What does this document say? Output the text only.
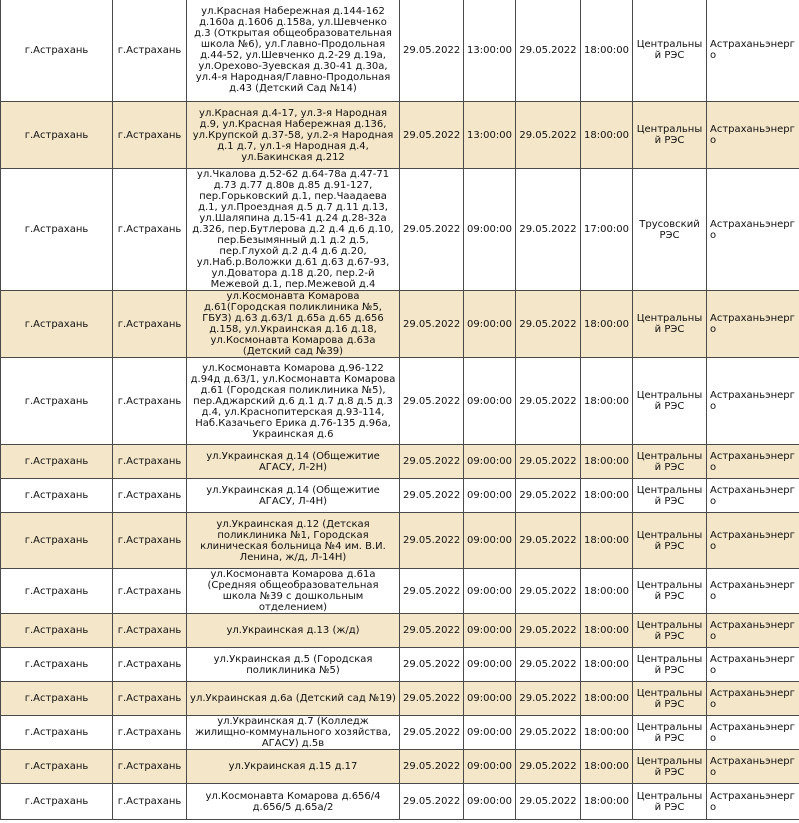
г.Астрахань	г.Астрахань	ул.Красная Набережная д.144-162 д.160а д.1606 д.158а, ул.Шевченко д.3 (Открытая общеобразовательная школа №6), ул.Главно-Продольная д.44-52, ул.Шевченко д.2-29 д.19а, ул.Орехово-Зуевская д.30-41 д.30а, ул.4-я Народная/Главно-Продольная д.43 (Детский Сад №14)	29.05.2022	13:00:00	29.05.2022	18:00:00	Центральный РЭС	Астраханьэнерго
г.Астрахань	г.Астрахань	ул.Красная д.4-17, ул.3-я Народная д.9, ул.Красная Набережная д.136, ул.Крупской д.37-58, ул.2-я Народная д.1 д.7, ул.1-я Народная д.4, ул.Бакинская д.212	29.05.2022	13:00:00	29.05.2022	18:00:00	Центральный РЭС	Астраханьэнерго
г.Астрахань	г.Астрахань	ул.Чкалова д.52-62 д.64-78а д.47-71 д.73 д.77 д.80в д.85 д.91-127, пер.Горьковский д.1, пер.Чаадаева д.1, ул.Проездная д.5 д.7 д.11 д.13, ул.Шаляпина д.15-41 д.24 д.28-32а д.326, пер.Бутлерова д.2 д.4 д.6 д.10, пер.Безымянный д.1 д.2 д.5, пер.Глухой д.2 д.4 д.6 д.20, ул.Наб.р.Воложки д.61 д.63 д.67-93, ул.Доватора д.18 д.20, пер.2-й Межевой д.1, пер.Межевой д.4	29.05.2022	09:00:00	29.05.2022	17:00:00	Трусовский РЭС	Астраханьэнерго
г.Астрахань	г.Астрахань	ул.Космонавта Комарова д.61(Городская поликлиника №5, ГБУЗ) д.63 д.63/1 д.65а д.65 д.656 д.158, ул.Украинская д.16 д.18, ул.Космонавта Комарова д.63а (Детский сад №39)	29.05.2022	09:00:00	29.05.2022	18:00:00	Центральный РЭС	Астраханьэнерго
г.Астрахань	г.Астрахань	ул.Космонавта Комарова д.96-122 д.94д д.63/1, ул.Космонавта Комарова д.61 (Городская поликлиника №5), пер.Аджарский д.6 д.1 д.7 д.8 д.5 д.3 д.4, ул.Краснопитерская д.93-114, Наб.Казачьего Ерика д.76-135 д.96а, Украинская д.6	29.05.2022	09:00:00	29.05.2022	18:00:00	Центральный РЭС	Астраханьэнерго
г.Астрахань	г.Астрахань	ул.Украинская д.14 (Общежитие АГАСУ, Л-2Н)	29.05.2022	09:00:00	29.05.2022	18:00:00	Центральный РЭС	Астраханьэнерго
г.Астрахань	г.Астрахань	ул.Украинская д.14 (Общежитие АГАСУ, Л-4Н)	29.05.2022	09:00:00	29.05.2022	18:00:00	Центральный РЭС	Астраханьэнерго
г.Астрахань	г.Астрахань	ул.Украинская д.12 (Детская поликлиника №1, Городская клиническая больница №4 им. В.И. Ленина, ж/д, Л-14Н)	29.05.2022	09:00:00	29.05.2022	18:00:00	Центральный РЭС	Астраханьэнерго
г.Астрахань	г.Астрахань	ул.Космонавта Комарова д.61а (Средняя общеобразовательная школа №39 с дошкольным отделением)	29.05.2022	09:00:00	29.05.2022	18:00:00	Центральный РЭС	Астраханьэнерго
г.Астрахань	г.Астрахань	ул.Украинская д.13 (ж/д)	29.05.2022	09:00:00	29.05.2022	18:00:00	Центральный РЭС	Астраханьэнерго
г.Астрахань	г.Астрахань	ул.Украинская д.5 (Городская поликлиника №5)	29.05.2022	09:00:00	29.05.2022	18:00:00	Центральный РЭС	Астраханьэнерго
г.Астрахань	г.Астрахань	ул.Украинская д.6а (Детский сад №19)	29.05.2022	09:00:00	29.05.2022	18:00:00	Центральный РЭС	Астраханьэнерго
г.Астрахань	г.Астрахань	ул.Украинская д.7 (Колледж жилищно-коммунального хозяйства, АГАСУ) д.5в	29.05.2022	09:00:00	29.05.2022	18:00:00	Центральный РЭС	Астраханьэнерго
г.Астрахань	г.Астрахань	ул.Украинская д.15 д.17	29.05.2022	09:00:00	29.05.2022	18:00:00	Центральный РЭС	Астраханьэнерго
г.Астрахань	г.Астрахань	ул.Космонавта Комарова д.656/4 д.656/5 д.65а/2	29.05.2022	09:00:00	29.05.2022	18:00:00	Центральный РЭС	Астраханьэнерго
